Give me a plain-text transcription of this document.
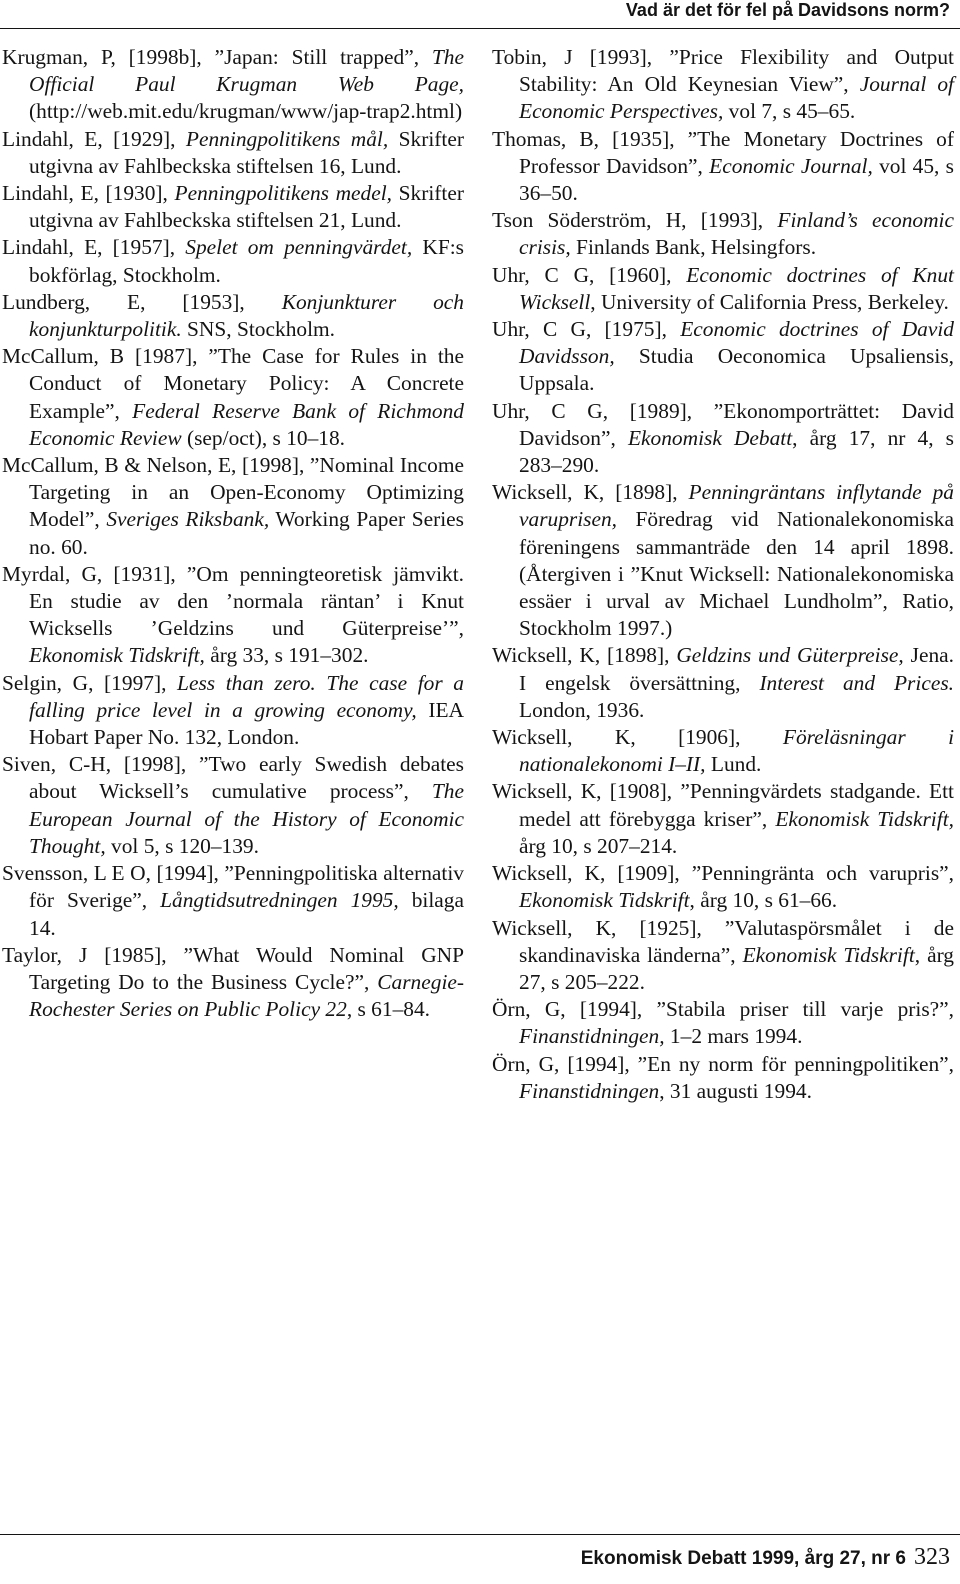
Vad är det för fel på Davidsons norm?

Krugman, P, [1998b], ”Japan: Still trapped”, The Official Paul Krugman Web Page, (http://web.mit.edu/krugman/www/jap-trap2.html)

Lindahl, E, [1929], Penningpolitikens mål, Skrifter utgivna av Fahlbeckska stiftelsen 16, Lund.

Lindahl, E, [1930], Penningpolitikens medel, Skrifter utgivna av Fahlbeckska stiftelsen 21, Lund.

Lindahl, E, [1957], Spelet om penningvärdet, KF:s bokförlag, Stockholm.

Lundberg, E, [1953], Konjunkturer och konjunkturpolitik. SNS, Stockholm.

McCallum, B [1987], ”The Case for Rules in the Conduct of Monetary Policy: A Concrete Example”, Federal Reserve Bank of Richmond Economic Review (sep/oct), s 10–18.

McCallum, B & Nelson, E, [1998], ”Nominal Income Targeting in an Open-Economy Optimizing Model”, Sveriges Riksbank, Working Paper Series no. 60.

Myrdal, G, [1931], ”Om penningteoretisk jämvikt. En studie av den ’normala räntan’ i Knut Wicksells ’Geldzins und Güterpreise’”, Ekonomisk Tidskrift, årg 33, s 191–302.

Selgin, G, [1997], Less than zero. The case for a falling price level in a growing economy, IEA Hobart Paper No. 132, London.

Siven, C-H, [1998], ”Two early Swedish debates about Wicksell’s cumulative process”, The European Journal of the History of Economic Thought, vol 5, s 120–139.

Svensson, L E O, [1994], ”Penningpolitiska alternativ för Sverige”, Långtidsutredningen 1995, bilaga 14.

Taylor, J [1985], ”What Would Nominal GNP Targeting Do to the Business Cycle?”, Carnegie-Rochester Series on Public Policy 22, s 61–84.

Tobin, J [1993], ”Price Flexibility and Output Stability: An Old Keynesian View”, Journal of Economic Perspectives, vol 7, s 45–65.

Thomas, B, [1935], ”The Monetary Doctrines of Professor Davidson”, Economic Journal, vol 45, s 36–50.

Tson Söderström, H, [1993], Finland’s economic crisis, Finlands Bank, Helsingfors.

Uhr, C G, [1960], Economic doctrines of Knut Wicksell, University of California Press, Berkeley.

Uhr, C G, [1975], Economic doctrines of David Davidsson, Studia Oeconomica Upsaliensis, Uppsala.

Uhr, C G, [1989], ”Ekonomporträttet: David Davidson”, Ekonomisk Debatt, årg 17, nr 4, s 283–290.

Wicksell, K, [1898], Penningräntans inflytande på varuprisen, Föredrag vid Nationalekonomiska föreningens sammanträde den 14 april 1898. (Återgiven i ”Knut Wicksell: Nationalekonomiska essäer i urval av Michael Lundholm”, Ratio, Stockholm 1997.)

Wicksell, K, [1898], Geldzins und Güterpreise, Jena. I engelsk översättning, Interest and Prices. London, 1936.

Wicksell, K, [1906], Föreläsningar i nationalekonomi I–II, Lund.

Wicksell, K, [1908], ”Penningvärdets stadgande. Ett medel att förebygga kriser”, Ekonomisk Tidskrift, årg 10, s 207–214.

Wicksell, K, [1909], ”Penningränta och varupris”, Ekonomisk Tidskrift, årg 10, s 61–66.

Wicksell, K, [1925], ”Valutaspörsmålet i de skandinaviska länderna”, Ekonomisk Tidskrift, årg 27, s 205–222.

Örn, G, [1994], ”Stabila priser till varje pris?”, Finanstidningen, 1–2 mars 1994.

Örn, G, [1994], ”En ny norm för penningpolitiken”, Finanstidningen, 31 augusti 1994.

Ekonomisk Debatt 1999, årg 27, nr 6 323
